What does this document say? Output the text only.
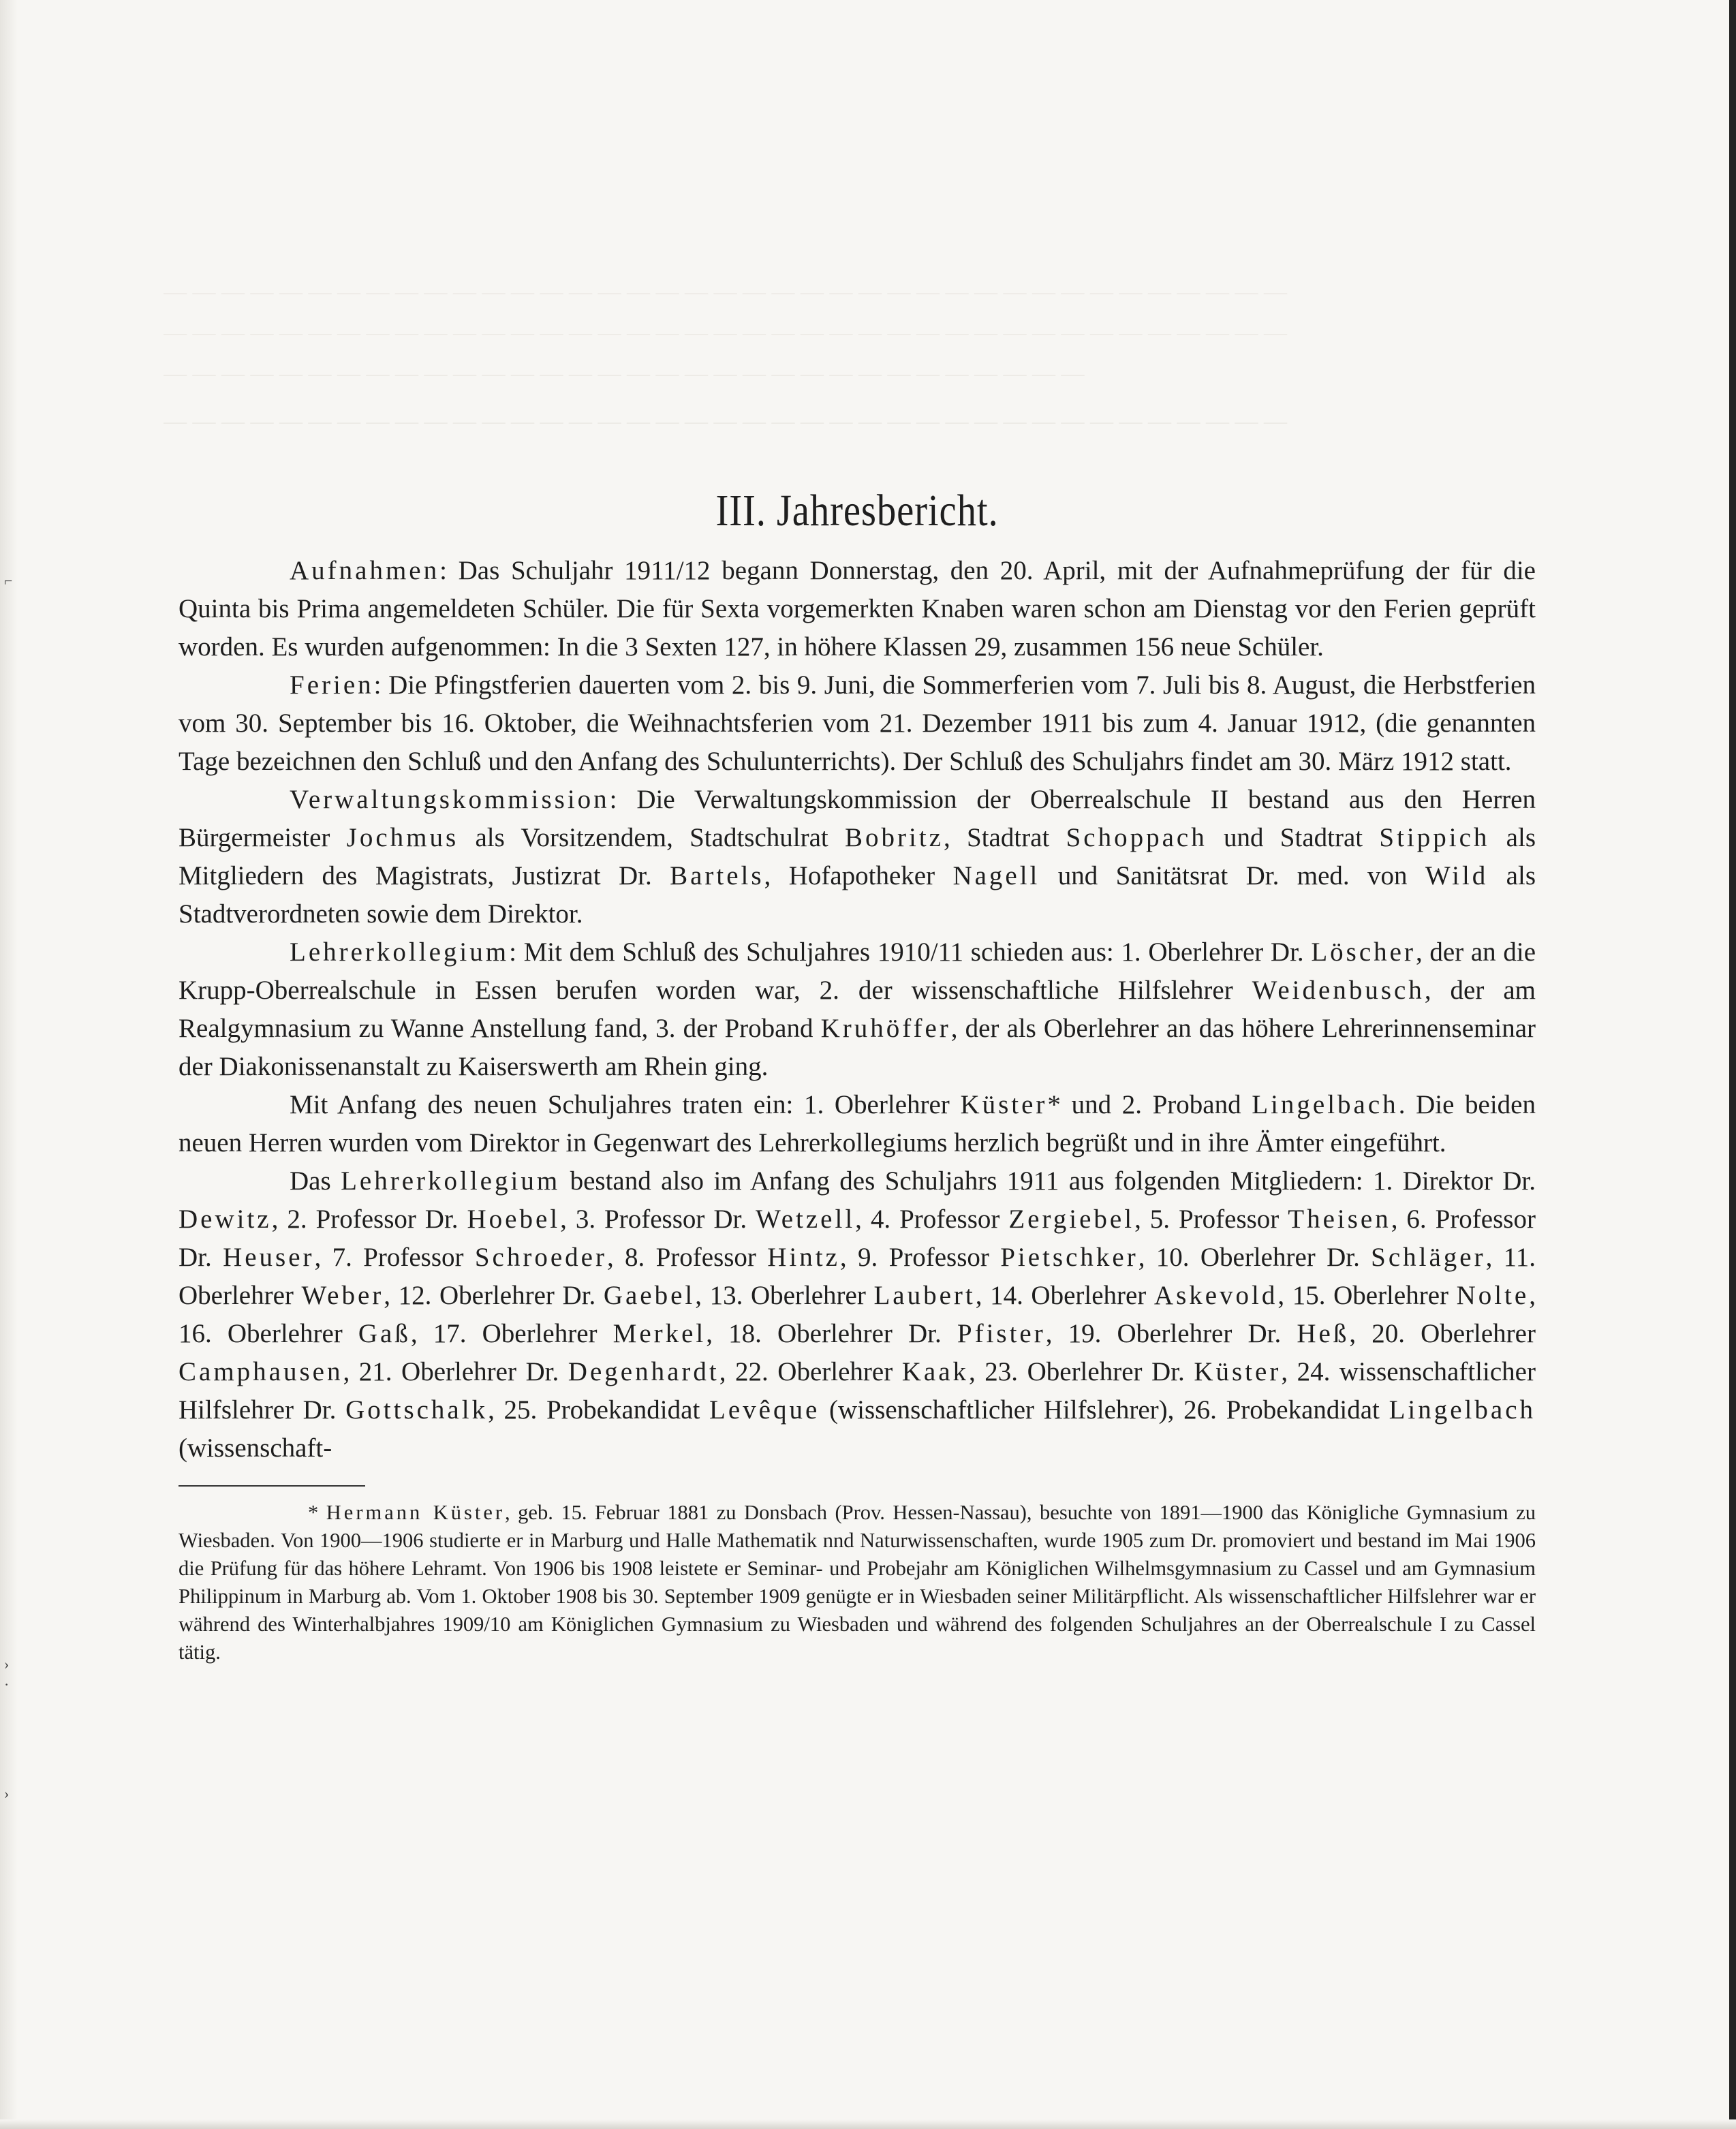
— — — — — — — — — — — — — — — — — — — — — — — — — — — — — — — — — — — — — — —
— — — — — — — — — — — — — — — — — — — — — — — — — — — — — — — — — — — — — — —
— — — — — — — — — — — — — — — — — — — — — — — — — — — — — — — —
— — — — — — — — — — — — — — — — — — — — — — — — — — — — — — — — — — — — — — —
⌐
›
·
›
III. Jahresbericht.

Aufnahmen: Das Schuljahr 1911/12 begann Donnerstag, den 20. April, mit der Aufnahmeprüfung der für die Quinta bis Prima angemeldeten Schüler. Die für Sexta vorgemerkten Knaben waren schon am Dienstag vor den Ferien geprüft worden. Es wurden aufgenommen: In die 3 Sexten 127, in höhere Klassen 29, zusammen 156 neue Schüler.

Ferien: Die Pfingstferien dauerten vom 2. bis 9. Juni, die Sommerferien vom 7. Juli bis 8. August, die Herbstferien vom 30. September bis 16. Oktober, die Weihnachtsferien vom 21. Dezember 1911 bis zum 4. Januar 1912, (die genannten Tage bezeichnen den Schluß und den Anfang des Schulunterrichts). Der Schluß des Schuljahrs findet am 30. März 1912 statt.

Verwaltungskommission: Die Verwaltungskommission der Oberrealschule II bestand aus den Herren Bürgermeister Jochmus als Vorsitzendem, Stadtschulrat Bobritz, Stadtrat Schoppach und Stadtrat Stippich als Mitgliedern des Magistrats, Justizrat Dr. Bartels, Hofapotheker Nagell und Sanitätsrat Dr. med. von Wild als Stadtverordneten sowie dem Direktor.

Lehrerkollegium: Mit dem Schluß des Schuljahres 1910/11 schieden aus: 1. Oberlehrer Dr. Löscher, der an die Krupp-Oberrealschule in Essen berufen worden war, 2. der wissenschaftliche Hilfslehrer Weidenbusch, der am Realgymnasium zu Wanne Anstellung fand, 3. der Proband Kruhöffer, der als Oberlehrer an das höhere Lehrerinnenseminar der Diakonissenanstalt zu Kaiserswerth am Rhein ging.

Mit Anfang des neuen Schuljahres traten ein: 1. Oberlehrer Küster* und 2. Proband Lingelbach. Die beiden neuen Herren wurden vom Direktor in Gegenwart des Lehrerkollegiums herzlich begrüßt und in ihre Ämter eingeführt.

Das Lehrerkollegium bestand also im Anfang des Schuljahrs 1911 aus folgenden Mitgliedern: 1. Direktor Dr. Dewitz, 2. Professor Dr. Hoebel, 3. Professor Dr. Wetzell, 4. Professor Zergiebel, 5. Professor Theisen, 6. Professor Dr. Heuser, 7. Professor Schroeder, 8. Professor Hintz, 9. Professor Pietschker, 10. Oberlehrer Dr. Schläger, 11. Oberlehrer Weber, 12. Oberlehrer Dr. Gaebel, 13. Oberlehrer Laubert, 14. Oberlehrer Askevold, 15. Oberlehrer Nolte, 16. Oberlehrer Gaß, 17. Oberlehrer Merkel, 18. Oberlehrer Dr. Pfister, 19. Oberlehrer Dr. Heß, 20. Oberlehrer Camphausen, 21. Oberlehrer Dr. Degenhardt, 22. Oberlehrer Kaak, 23. Oberlehrer Dr. Küster, 24. wissenschaftlicher Hilfslehrer Dr. Gottschalk, 25. Probekandidat Levêque (wissenschaftlicher Hilfslehrer), 26. Probekandidat Lingelbach (wissenschaft-

* Hermann Küster, geb. 15. Februar 1881 zu Donsbach (Prov. Hessen-Nassau), besuchte von 1891—1900 das Königliche Gymnasium zu Wiesbaden. Von 1900—1906 studierte er in Marburg und Halle Mathematik nnd Naturwissenschaften, wurde 1905 zum Dr. promoviert und bestand im Mai 1906 die Prüfung für das höhere Lehramt. Von 1906 bis 1908 leistete er Seminar- und Probejahr am Königlichen Wilhelmsgymnasium zu Cassel und am Gymnasium Philippinum in Marburg ab. Vom 1. Oktober 1908 bis 30. September 1909 genügte er in Wiesbaden seiner Militärpflicht. Als wissenschaftlicher Hilfslehrer war er während des Winterhalbjahres 1909/10 am Königlichen Gymnasium zu Wiesbaden und während des folgenden Schuljahres an der Oberrealschule I zu Cassel tätig.
